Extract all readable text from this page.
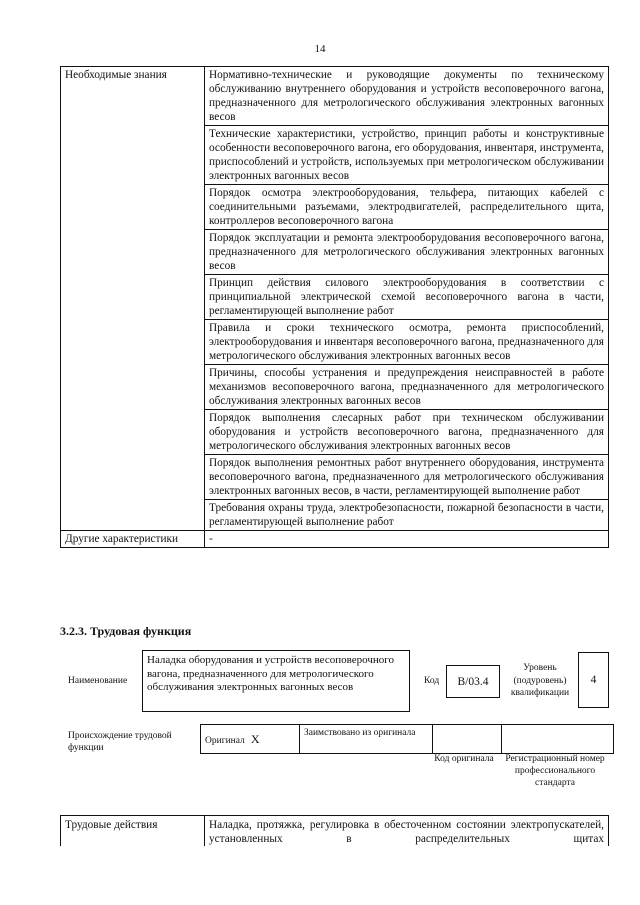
14
Необходимые знания	Нормативно-технические и руководящие документы по техническому обслуживанию внутреннего оборудования и устройств весоповерочного вагона, предназначенного для метрологического обслуживания электронных вагонных весов
	Технические характеристики, устройство, принцип работы и конструктивные особенности весоповерочного вагона, его оборудования, инвентаря, инструмента, приспособлений и устройств, используемых при метрологическом обслуживании электронных вагонных весов
	Порядок осмотра электрооборудования, тельфера, питающих кабелей с соединительными разъемами, электродвигателей, распределительного щита, контроллеров весоповерочного вагона
	Порядок эксплуатации и ремонта электрооборудования весоповерочного вагона, предназначенного для метрологического обслуживания электронных вагонных весов
	Принцип действия силового электрооборудования в соответствии с принципиальной электрической схемой весоповерочного вагона в части, регламентирующей выполнение работ
	Правила и сроки технического осмотра, ремонта приспособлений, электрооборудования и инвентаря весоповерочного вагона, предназначенного для метрологического обслуживания электронных вагонных весов
	Причины, способы устранения и предупреждения неисправностей в работе механизмов весоповерочного вагона, предназначенного для метрологического обслуживания электронных вагонных весов
	Порядок выполнения слесарных работ при техническом обслуживании оборудования и устройств весоповерочного вагона, предназначенного для метрологического обслуживания электронных вагонных весов
	Порядок выполнения ремонтных работ внутреннего оборудования, инструмента весоповерочного вагона, предназначенного для метрологического обслуживания электронных вагонных весов, в части, регламентирующей выполнение работ
	Требования охраны труда, электробезопасности, пожарной безопасности в части, регламентирующей выполнение работ
Другие характеристики	-
3.2.3. Трудовая функция
Наименование
Наладка оборудования и устройств весоповерочного вагона, предназначенного для метрологического обслуживания электронных вагонных весов	Код	B/03.4
Уровень (подуровень) квалификации
4
Происхождение трудовой функции
Оригинал X	Заимствовано из оригинала		
Код оригинала	Регистрационный номер профессионального стандарта
Трудовые действия	Наладка, протяжка, регулировка в обесточенном состоянии электропускателей, установленных в распределительных щитах
